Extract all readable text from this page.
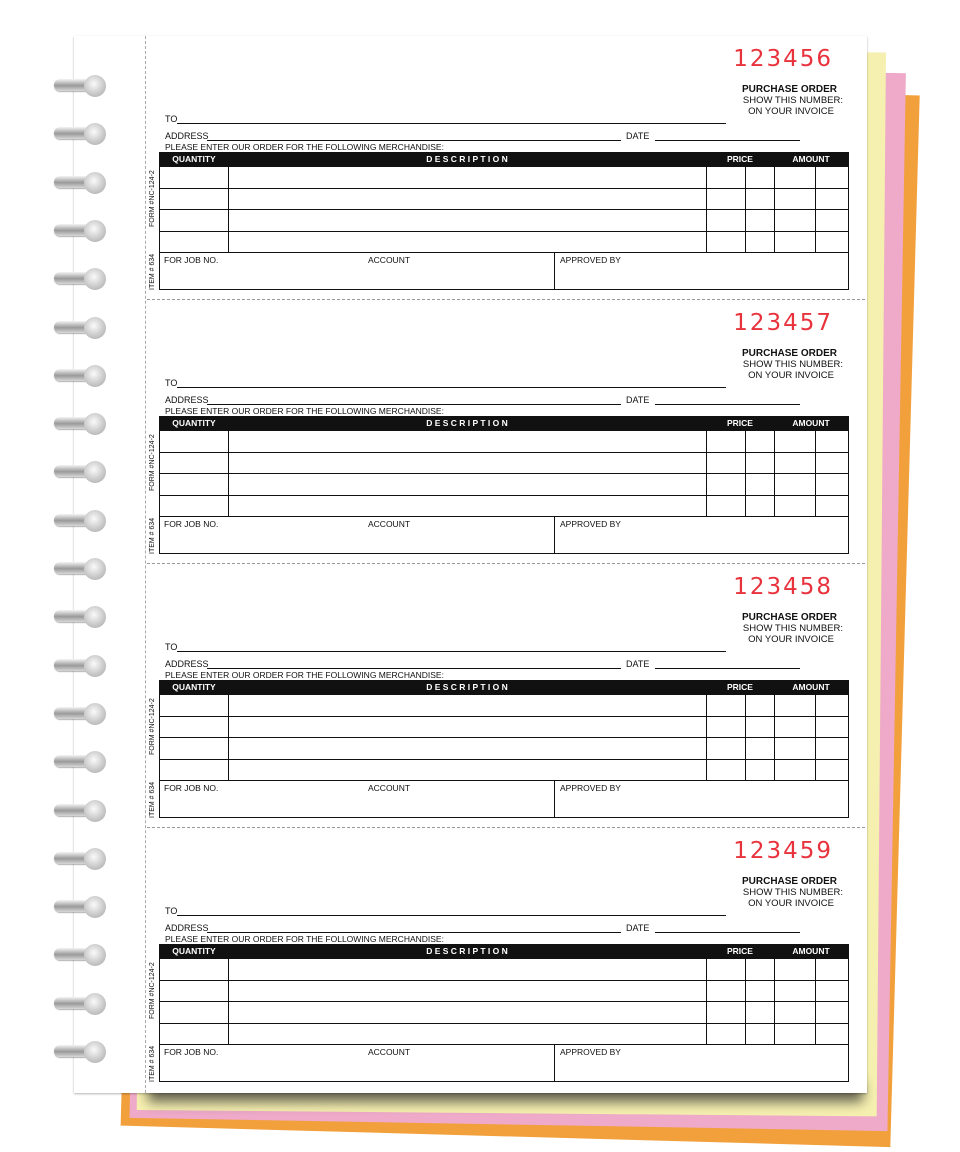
123456
PURCHASE ORDER
SHOW THIS NUMBER:
ON YOUR INVOICE
TO
ADDRESS	DATE
PLEASE ENTER OUR ORDER FOR THE FOLLOWING MERCHANDISE:
FORM #NC-124-2
ITEM # 634
QUANTITY	D E S C R I P T I O N	PRICE	AMOUNT
FOR JOB NO.	ACCOUNT	APPROVED BY
123457
PURCHASE ORDER
SHOW THIS NUMBER:
ON YOUR INVOICE
TO
ADDRESS	DATE
PLEASE ENTER OUR ORDER FOR THE FOLLOWING MERCHANDISE:
FORM #NC-124-2
ITEM # 634
QUANTITY	D E S C R I P T I O N	PRICE	AMOUNT
FOR JOB NO.	ACCOUNT	APPROVED BY
123458
PURCHASE ORDER
SHOW THIS NUMBER:
ON YOUR INVOICE
TO
ADDRESS	DATE
PLEASE ENTER OUR ORDER FOR THE FOLLOWING MERCHANDISE:
FORM #NC-124-2
ITEM # 634
QUANTITY	D E S C R I P T I O N	PRICE	AMOUNT
FOR JOB NO.	ACCOUNT	APPROVED BY
123459
PURCHASE ORDER
SHOW THIS NUMBER:
ON YOUR INVOICE
TO
ADDRESS	DATE
PLEASE ENTER OUR ORDER FOR THE FOLLOWING MERCHANDISE:
FORM #NC-124-2
ITEM # 634
QUANTITY	D E S C R I P T I O N	PRICE	AMOUNT
FOR JOB NO.	ACCOUNT	APPROVED BY
